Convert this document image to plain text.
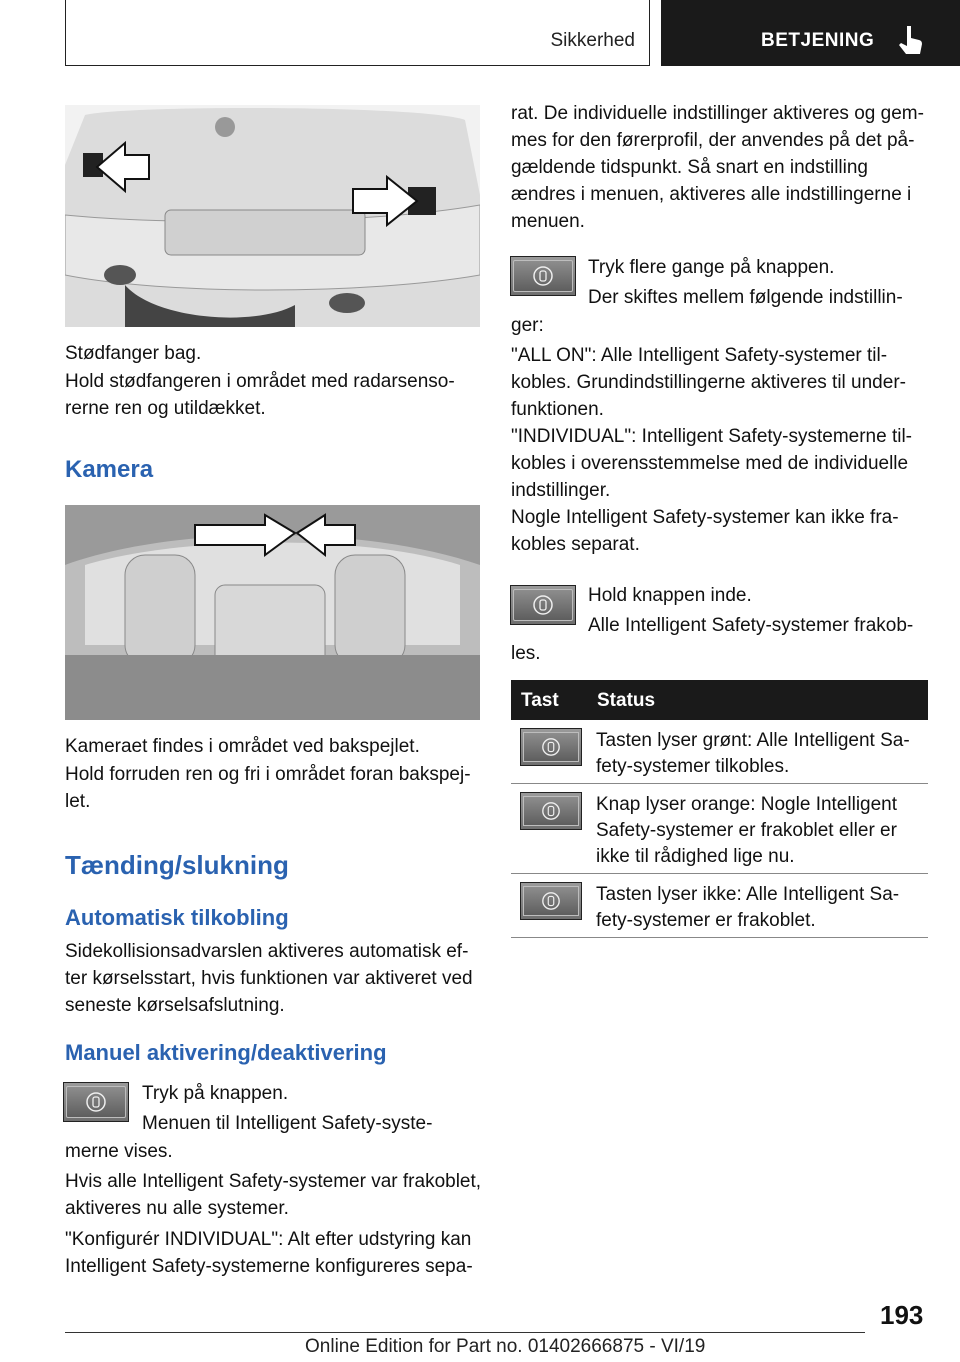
Sikkerhed	BETJENING

Stødfanger bag.

Hold stødfangeren i området med radarsenso-
rerne ren og utildækket.

Kamera

Kameraet findes i området ved bakspejlet.

Hold forruden ren og fri i området foran bakspej-
let.

Tænding/slukning
Automatisk tilkobling

Sidekollisionsadvarslen aktiveres automatisk ef-
ter kørselsstart, hvis funktionen var aktiveret ved
seneste kørselsafslutning.

Manuel aktivering/deaktivering

Tryk på knappen.

Menuen til Intelligent Safety-syste-

merne vises.

Hvis alle Intelligent Safety-systemer var frakoblet,
aktiveres nu alle systemer.

"Konfigurér INDIVIDUAL": Alt efter udstyring kan
Intelligent Safety-systemerne konfigureres sepa-

rat. De individuelle indstillinger aktiveres og gem-
mes for den førerprofil, der anvendes på det på-
gældende tidspunkt. Så snart en indstilling
ændres i menuen, aktiveres alle indstillingerne i
menuen.

Tryk flere gange på knappen.

Der skiftes mellem følgende indstillin-

ger:

"ALL ON": Alle Intelligent Safety-systemer til-
kobles. Grundindstillingerne aktiveres til under-
funktionen.

"INDIVIDUAL": Intelligent Safety-systemerne til-
kobles i overensstemmelse med de individuelle
indstillinger.

Nogle Intelligent Safety-systemer kan ikke fra-
kobles separat.

Hold knappen inde.

Alle Intelligent Safety-systemer frakob-

les.

Tast Status
Tasten lyser grønt: Alle Intelligent Sa-
fety-systemer tilkobles.
Knap lyser orange: Nogle Intelligent
Safety-systemer er frakoblet eller er
ikke til rådighed lige nu.
Tasten lyser ikke: Alle Intelligent Sa-
fety-systemer er frakoblet.
193
Online Edition for Part no. 01402666875 - VI/19
